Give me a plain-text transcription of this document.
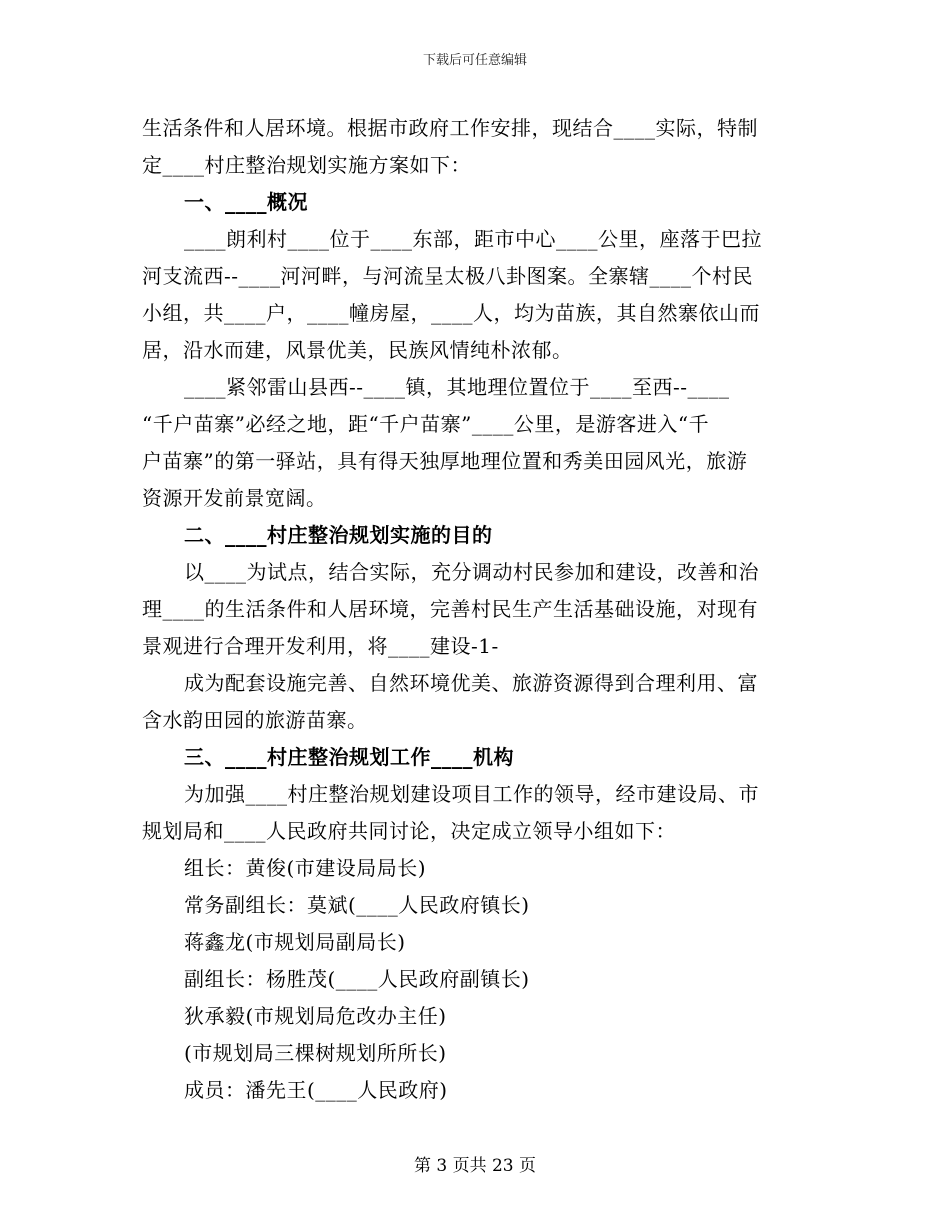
下载后可任意编辑
生活条件和人居环境。根据市政府工作安排，现结合____实际，特制
定____村庄整治规划实施方案如下：
一、____概况
____朗利村____位于____东部，距市中心____公里，座落于巴拉
河支流西--____河河畔，与河流呈太极八卦图案。全寨辖____个村民
小组，共____户，____幢房屋，____人，均为苗族，其自然寨依山而
居，沿水而建，风景优美，民族风情纯朴浓郁。
____紧邻雷山县西--____镇，其地理位置位于____至西--____
“千户苗寨”必经之地，距“千户苗寨”____公里，是游客进入“千
户苗寨”的第一驿站，具有得天独厚地理位置和秀美田园风光，旅游
资源开发前景宽阔。
二、____村庄整治规划实施的目的
以____为试点，结合实际，充分调动村民参加和建设，改善和治
理____的生活条件和人居环境，完善村民生产生活基础设施，对现有
景观进行合理开发利用，将____建设-1-
成为配套设施完善、自然环境优美、旅游资源得到合理利用、富
含水韵田园的旅游苗寨。
三、____村庄整治规划工作____机构
为加强____村庄整治规划建设项目工作的领导，经市建设局、市
规划局和____人民政府共同讨论，决定成立领导小组如下：
组长：黄俊(市建设局局长)
常务副组长：莫斌(____人民政府镇长)
蒋鑫龙(市规划局副局长)
副组长：杨胜茂(____人民政府副镇长)
狄承毅(市规划局危改办主任)
(市规划局三棵树规划所所长)
成员：潘先王(____人民政府)
第 3 页共 23 页
